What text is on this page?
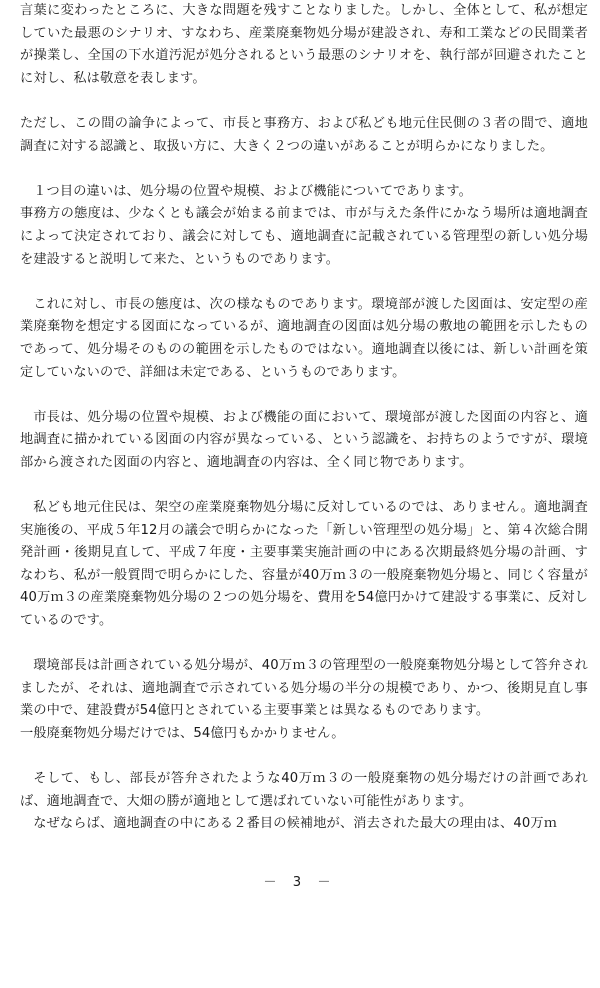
言葉に変わったところに、大きな問題を残すことなりました。しかし、全体として、私が想定していた最悪のシナリオ、すなわち、産業廃棄物処分場が建設され、寿和工業などの民間業者が操業し、全国の下水道汚泥が処分されるという最悪のシナリオを、執行部が回避されたことに対し、私は敬意を表します。

ただし、この間の論争によって、市長と事務方、および私ども地元住民側の３者の間で、適地調査に対する認識と、取扱い方に、大きく２つの違いがあることが明らかになりました。

１つ目の違いは、処分場の位置や規模、および機能についてであります。

事務方の態度は、少なくとも議会が始まる前までは、市が与えた条件にかなう場所は適地調査によって決定されており、議会に対しても、適地調査に記載されている管理型の新しい処分場を建設すると説明して来た、というものであります。

これに対し、市長の態度は、次の様なものであります。環境部が渡した図面は、安定型の産業廃棄物を想定する図面になっているが、適地調査の図面は処分場の敷地の範囲を示したものであって、処分場そのものの範囲を示したものではない。適地調査以後には、新しい計画を策定していないので、詳細は未定である、というものであります。

市長は、処分場の位置や規模、および機能の面において、環境部が渡した図面の内容と、適地調査に描かれている図面の内容が異なっている、という認識を、お持ちのようですが、環境部から渡された図面の内容と、適地調査の内容は、全く同じ物であります。

私ども地元住民は、架空の産業廃棄物処分場に反対しているのでは、ありません。適地調査実施後の、平成５年12月の議会で明らかになった「新しい管理型の処分場」と、第４次総合開発計画・後期見直して、平成７年度・主要事業実施計画の中にある次期最終処分場の計画、すなわち、私が一般質問で明らかにした、容量が40万ｍ３の一般廃棄物処分場と、同じく容量が40万ｍ３の産業廃棄物処分場の２つの処分場を、費用を54億円かけて建設する事業に、反対しているのです。

環境部長は計画されている処分場が、40万ｍ３の管理型の一般廃棄物処分場として答弁されましたが、それは、適地調査で示されている処分場の半分の規模であり、かつ、後期見直し事業の中で、建設費が54億円とされている主要事業とは異なるものであります。

一般廃棄物処分場だけでは、54億円もかかりません。

そして、もし、部長が答弁されたような40万ｍ３の一般廃棄物の処分場だけの計画であれば、適地調査で、大畑の勝が適地として選ばれていない可能性があります。

なぜならば、適地調査の中にある２番目の候補地が、消去された最大の理由は、40万ｍ

－ 3 －
